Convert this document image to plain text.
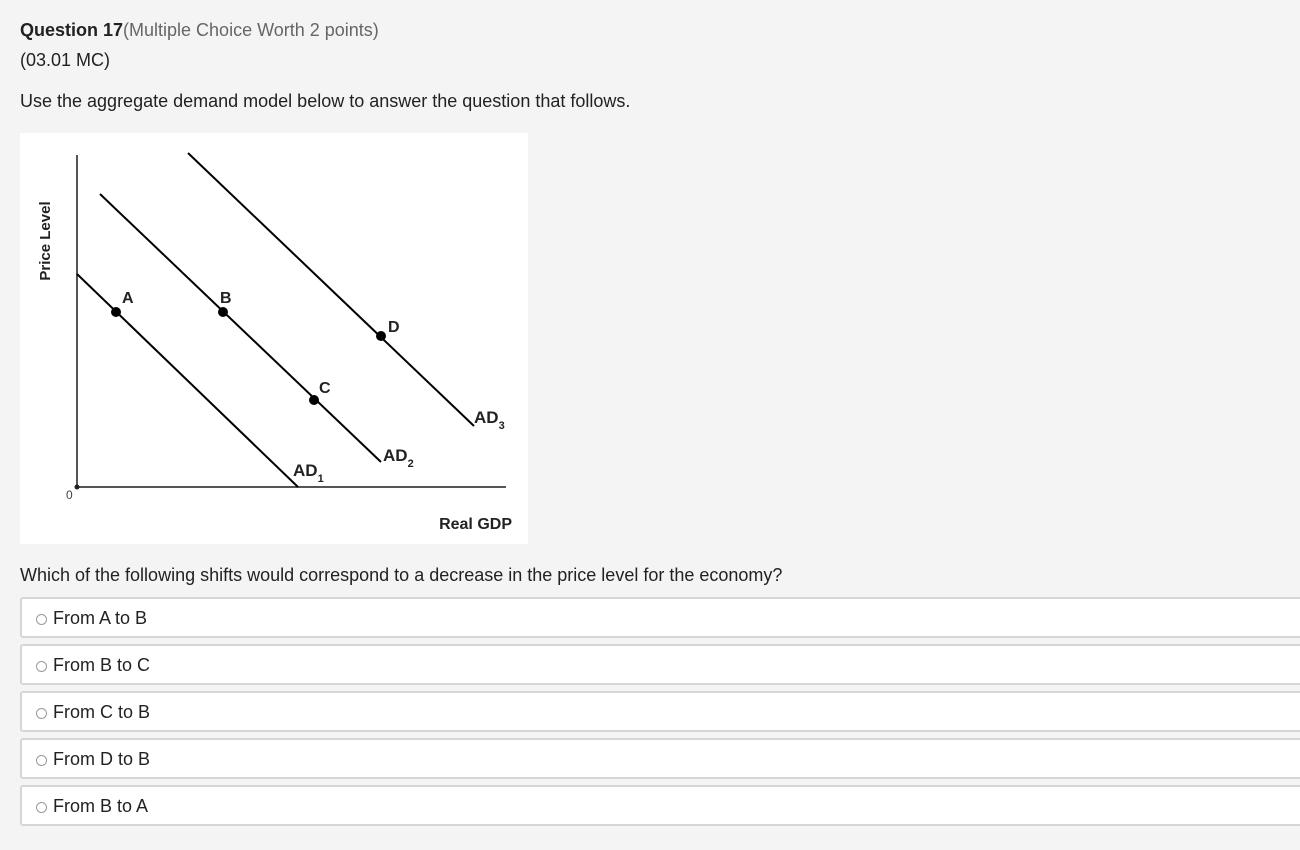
Question 17(Multiple Choice Worth 2 points)
(03.01 MC)
Use the aggregate demand model below to answer the question that follows.
0
Price Level
Real GDP
A	B
C
D
$AD_1$
$AD_2$
$AD_3$
Which of the following shifts would correspond to a decrease in the price level for the economy?
From A to B
From B to C
From C to B
From D to B
From B to A
